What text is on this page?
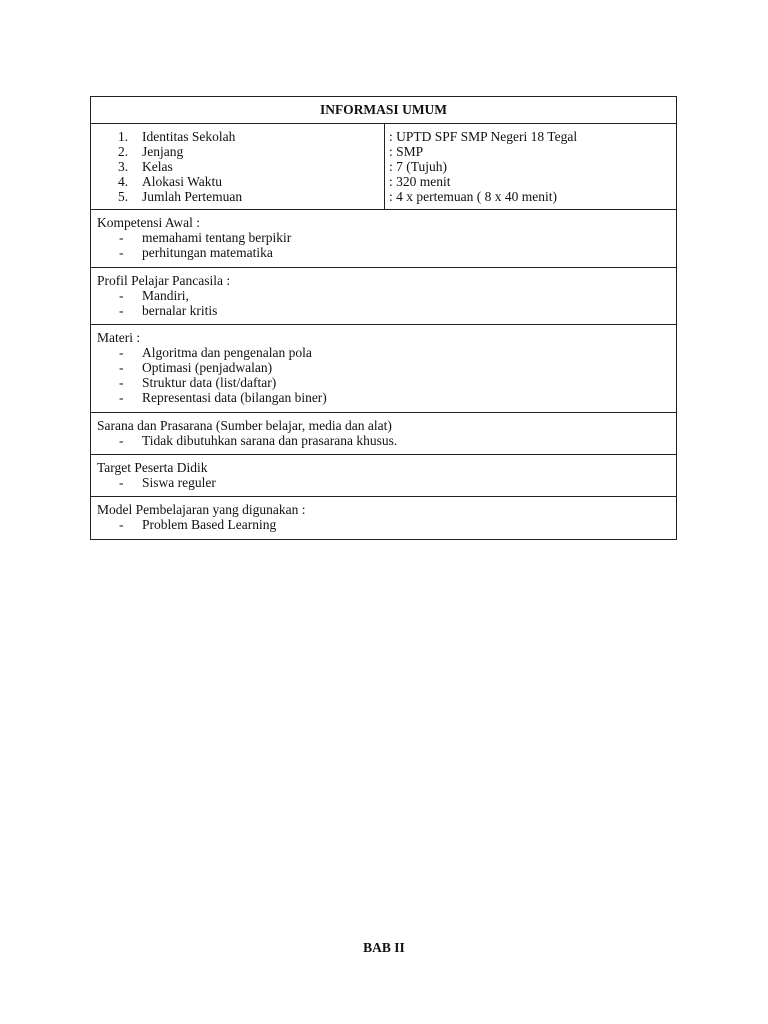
INFORMASI UMUM
1. Identitas Sekolah
2. Jenjang
3. Kelas
4. Alokasi Waktu
5. Jumlah Pertemuan
: UPTD SPF SMP Negeri 18 Tegal
: SMP
: 7 (Tujuh)
: 320 menit
: 4 x pertemuan ( 8 x 40 menit)
Kompetensi Awal :
- memahami tentang berpikir
- perhitungan matematika
Profil Pelajar Pancasila :
- Mandiri,
- bernalar kritis
Materi :
- Algoritma dan pengenalan pola
- Optimasi (penjadwalan)
- Struktur data (list/daftar)
- Representasi data (bilangan biner)
Sarana dan Prasarana (Sumber belajar, media dan alat)
- Tidak dibutuhkan sarana dan prasarana khusus.
Target Peserta Didik
- Siswa reguler
Model Pembelajaran yang digunakan :
- Problem Based Learning
BAB II
